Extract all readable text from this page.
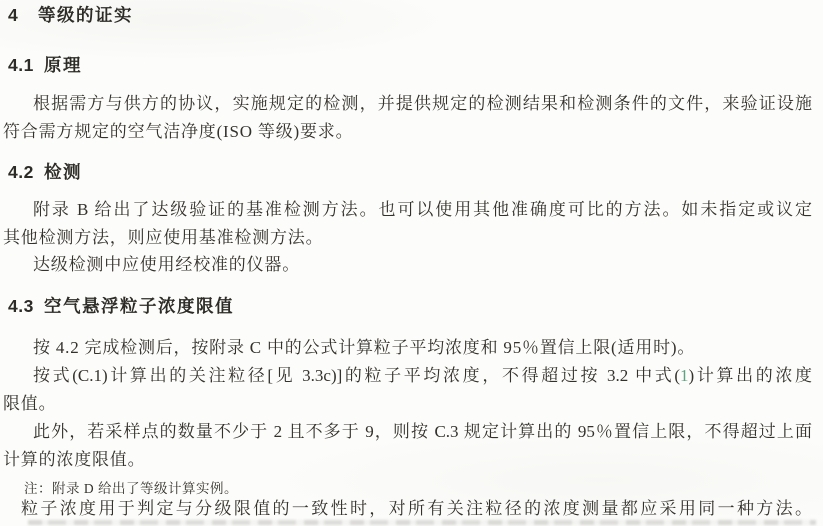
4 等级的证实
4.1 原理
根据需方与供方的协议，实施规定的检测，并提供规定的检测结果和检测条件的文件，来验证设施
符合需方规定的空气洁净度(ISO 等级)要求。
4.2 检测
附录 B 给出了达级验证的基准检测方法。也可以使用其他准确度可比的方法。如未指定或议定
其他检测方法，则应使用基准检测方法。
达级检测中应使用经校准的仪器。
4.3 空气悬浮粒子浓度限值
按 4.2 完成检测后，按附录 C 中的公式计算粒子平均浓度和 95％置信上限(适用时)。
按式(C.1)计算出的关注粒径[见 3.3c)]的粒子平均浓度，不得超过按 3.2 中式(1)计算出的浓度
限值。
此外，若采样点的数量不少于 2 且不多于 9，则按 C.3 规定计算出的 95％置信上限，不得超过上面
计算的浓度限值。
注：附录 D 给出了等级计算实例。
粒子浓度用于判定与分级限值的一致性时，对所有关注粒径的浓度测量都应采用同一种方法。
